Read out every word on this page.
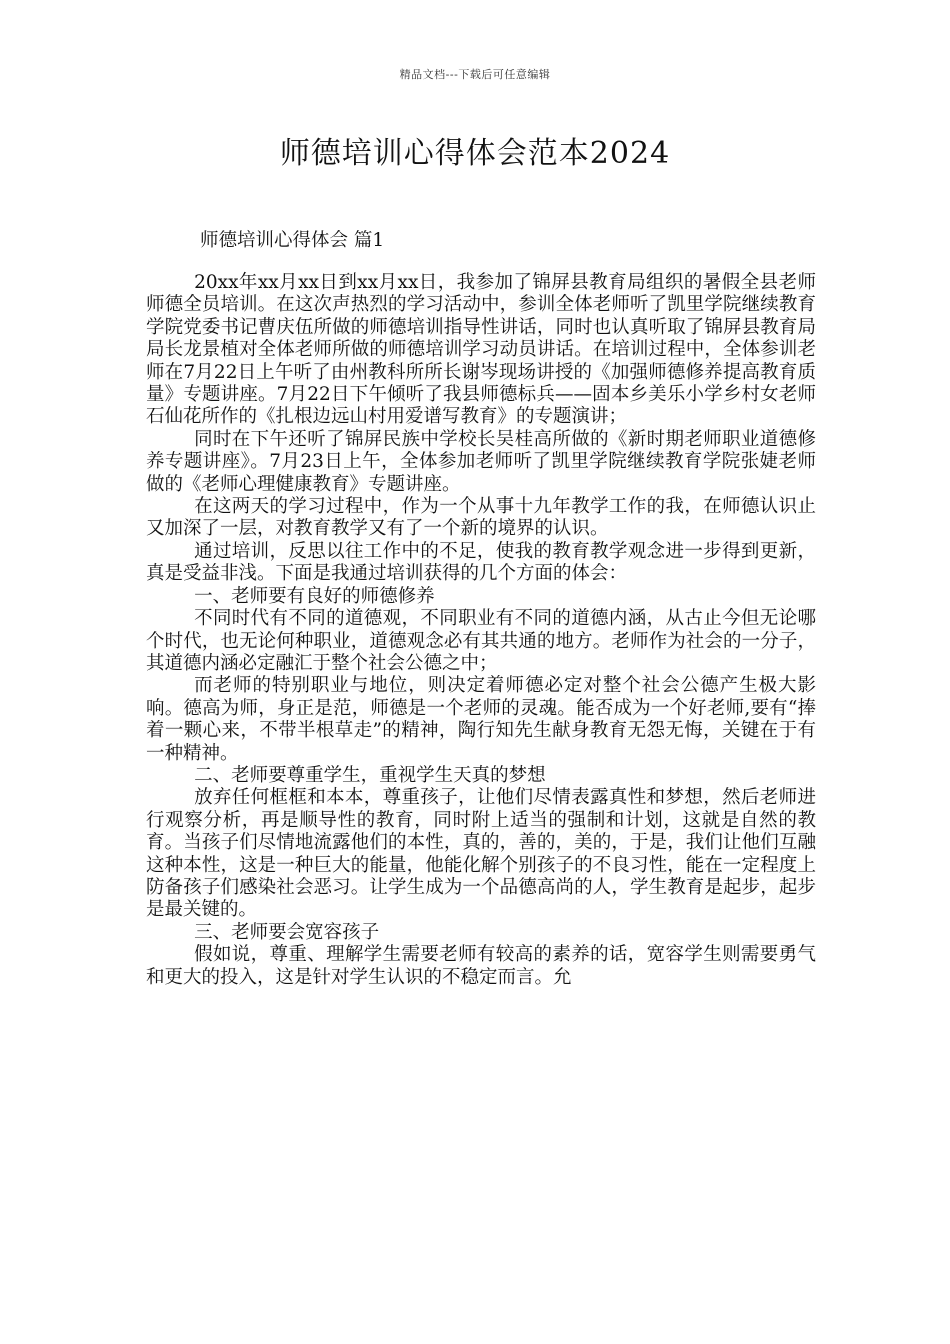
精品文档---下载后可任意编辑
师德培训心得体会范本2024
师德培训心得体会 篇1

20xx年xx月xx日到xx月xx日，我参加了锦屏县教育局组织的暑假全县老师师德全员培训。在这次声热烈的学习活动中，参训全体老师听了凯里学院继续教育学院党委书记曹庆伍所做的师德培训指导性讲话，同时也认真听取了锦屏县教育局局长龙景植对全体老师所做的师德培训学习动员讲话。在培训过程中，全体参训老师在7月22日上午听了由州教科所所长谢岑现场讲授的《加强师德修养提高教育质量》专题讲座。7月22日下午倾听了我县师德标兵——固本乡美乐小学乡村女老师石仙花所作的《扎根边远山村用爱谱写教育》的专题演讲；

同时在下午还听了锦屏民族中学校长吴桂高所做的《新时期老师职业道德修养专题讲座》。7月23日上午，全体参加老师听了凯里学院继续教育学院张婕老师做的《老师心理健康教育》专题讲座。

在这两天的学习过程中，作为一个从事十九年教学工作的我，在师德认识止又加深了一层，对教育教学又有了一个新的境界的认识。

通过培训，反思以往工作中的不足，使我的教育教学观念进一步得到更新，真是受益非浅。下面是我通过培训获得的几个方面的体会：

一、老师要有良好的师德修养

不同时代有不同的道德观，不同职业有不同的道德内涵，从古止今但无论哪个时代，也无论何种职业，道德观念必有其共通的地方。老师作为社会的一分子，其道德内涵必定融汇于整个社会公德之中；

而老师的特别职业与地位，则决定着师德必定对整个社会公德产生极大影响。德高为师，身正是范，师德是一个老师的灵魂。能否成为一个好老师,要有“捧着一颗心来，不带半根草走”的精神，陶行知先生献身教育无怨无悔，关键在于有一种精神。

二、老师要尊重学生，重视学生天真的梦想

放弃任何框框和本本，尊重孩子，让他们尽情表露真性和梦想，然后老师进行观察分析，再是顺导性的教育，同时附上适当的强制和计划，这就是自然的教育。当孩子们尽情地流露他们的本性，真的，善的，美的，于是，我们让他们互融这种本性，这是一种巨大的能量，他能化解个别孩子的不良习性，能在一定程度上防备孩子们感染社会恶习。让学生成为一个品德高尚的人，学生教育是起步，起步是最关键的。

三、老师要会宽容孩子

假如说，尊重、理解学生需要老师有较高的素养的话，宽容学生则需要勇气和更大的投入，这是针对学生认识的不稳定而言。允
